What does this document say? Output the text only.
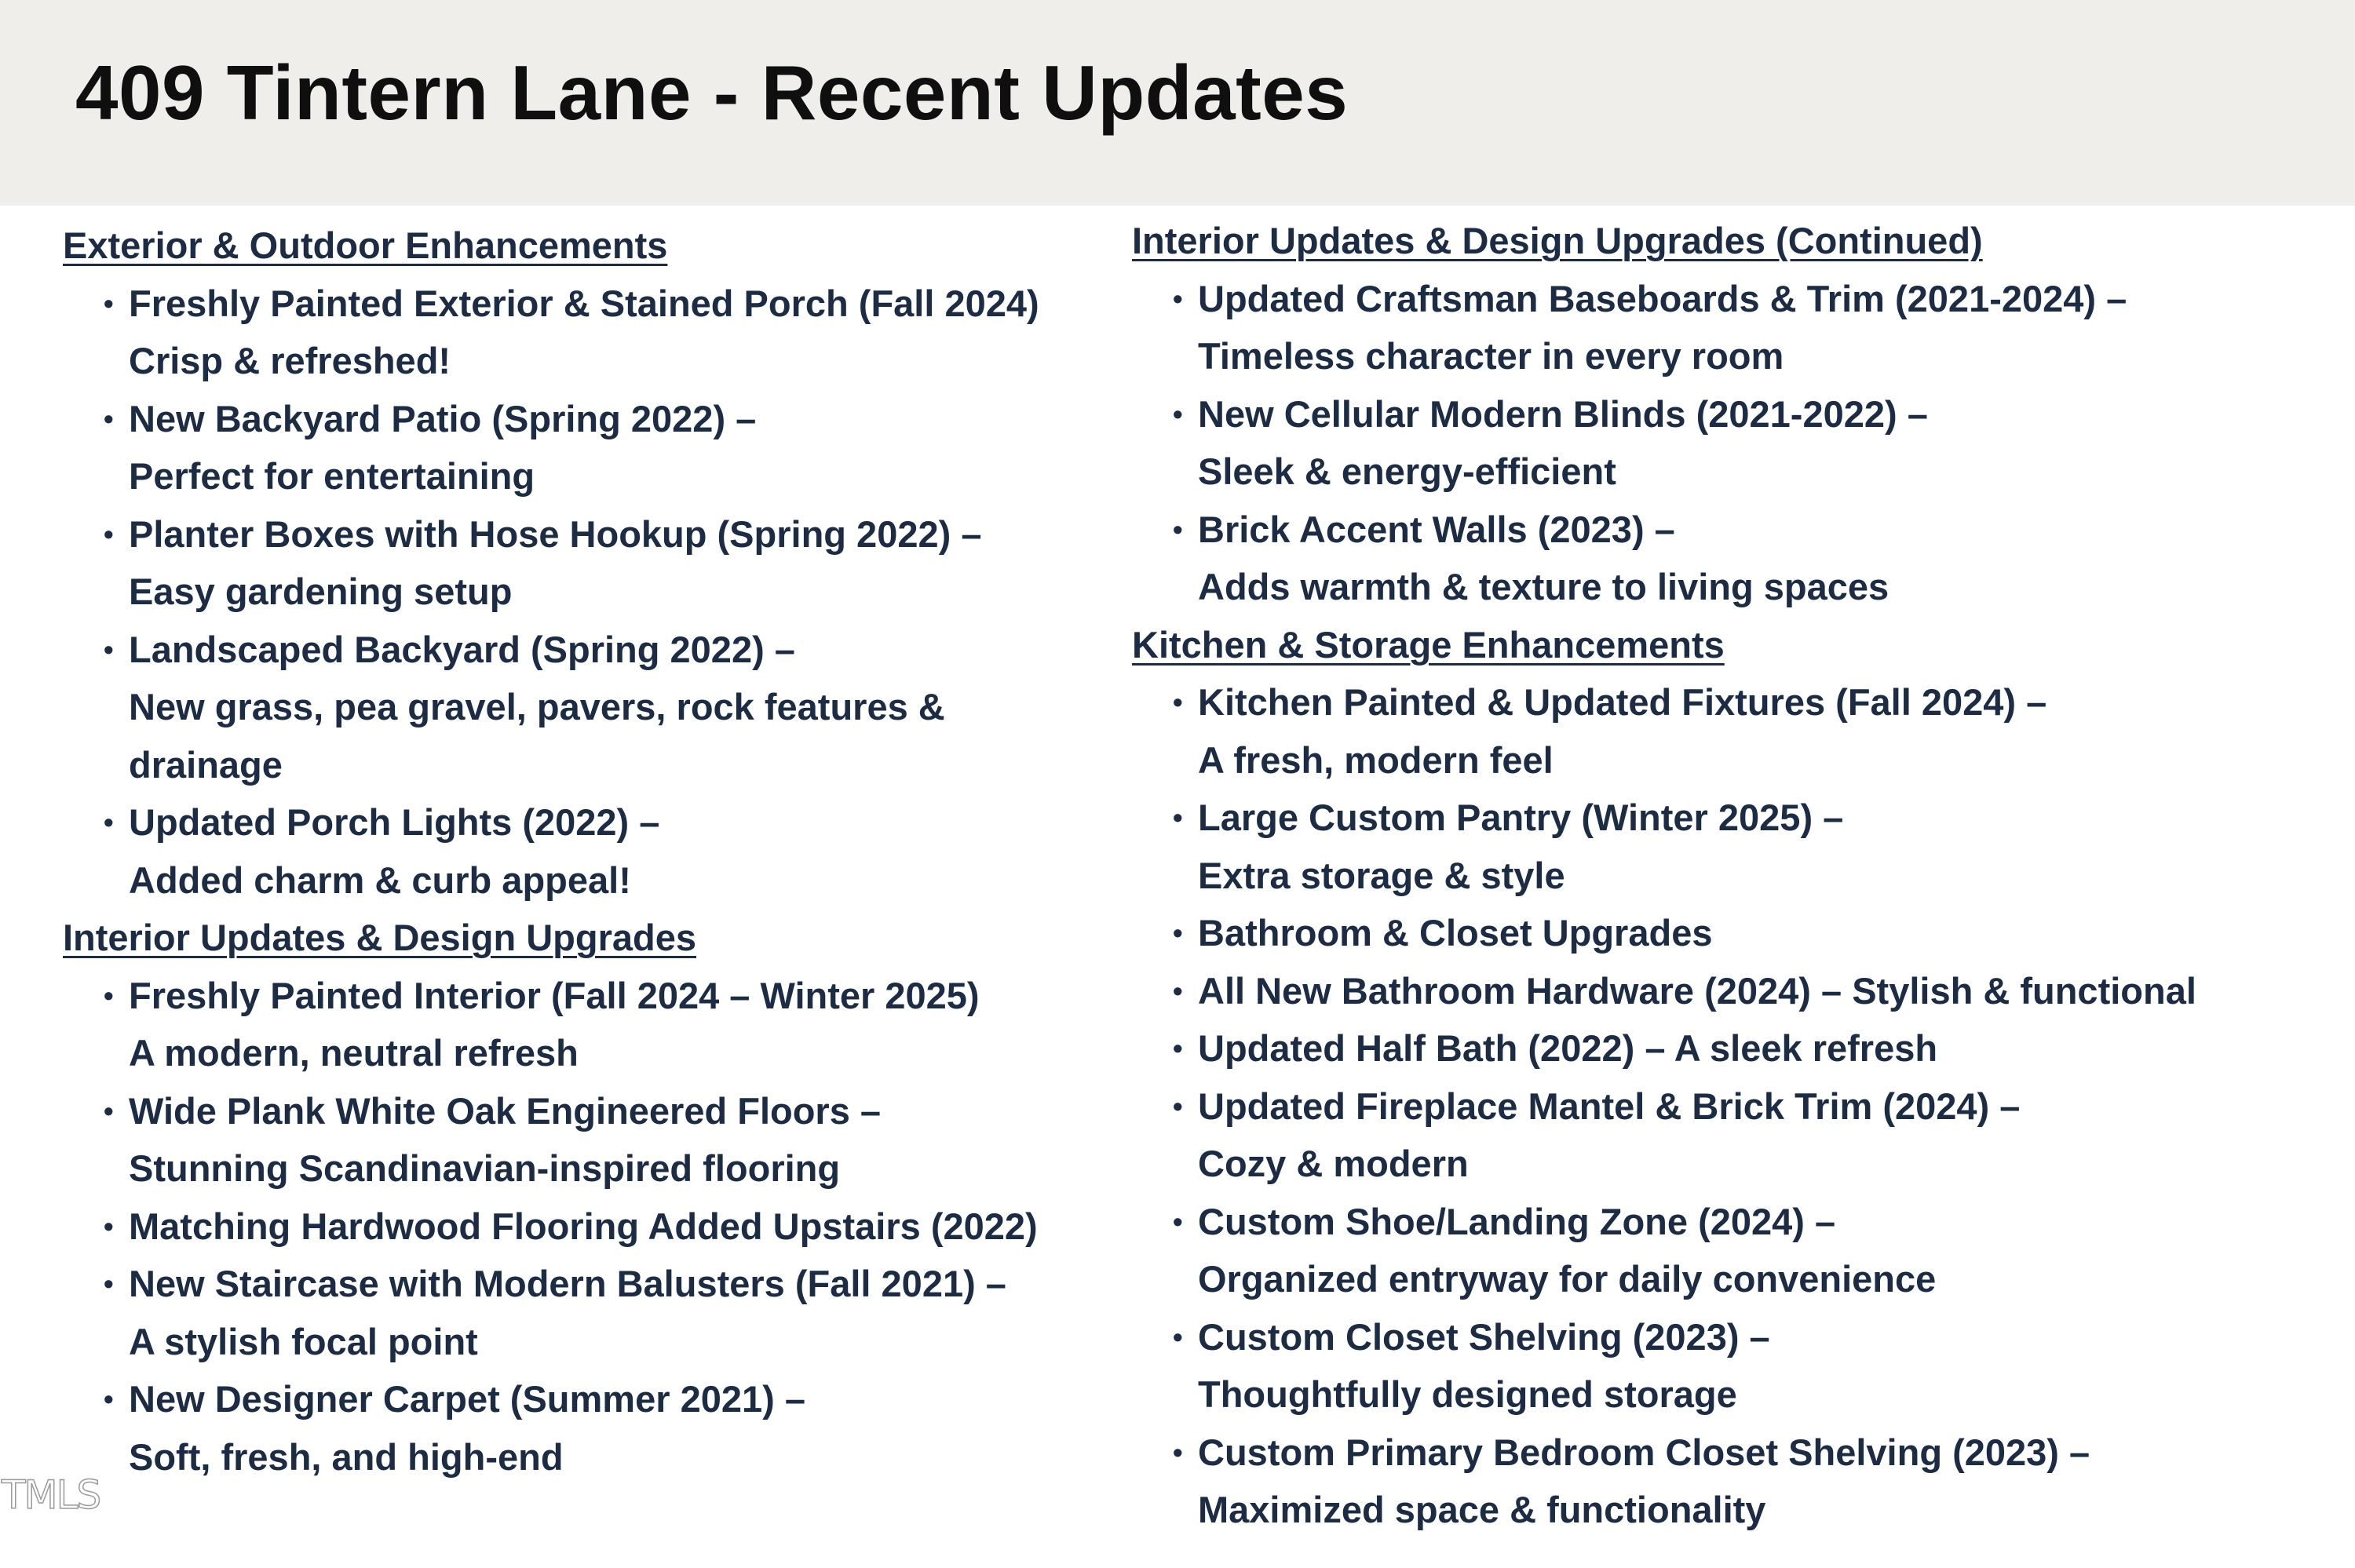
409 Tintern Lane - Recent Updates
Exterior & Outdoor Enhancements
• Freshly Painted Exterior & Stained Porch (Fall 2024)
Crisp & refreshed!
• New Backyard Patio (Spring 2022) –
Perfect for entertaining
• Planter Boxes with Hose Hookup (Spring 2022) –
Easy gardening setup
• Landscaped Backyard (Spring 2022) –
New grass, pea gravel, pavers, rock features &
drainage
• Updated Porch Lights (2022) –
Added charm & curb appeal!
Interior Updates & Design Upgrades
• Freshly Painted Interior (Fall 2024 – Winter 2025)
A modern, neutral refresh
• Wide Plank White Oak Engineered Floors –
Stunning Scandinavian-inspired flooring
• Matching Hardwood Flooring Added Upstairs (2022)
• New Staircase with Modern Balusters (Fall 2021) –
A stylish focal point
• New Designer Carpet (Summer 2021) –
Soft, fresh, and high-end
Interior Updates & Design Upgrades (Continued)
• Updated Craftsman Baseboards & Trim (2021-2024) –
Timeless character in every room
• New Cellular Modern Blinds (2021-2022) –
Sleek & energy-efficient
• Brick Accent Walls (2023) –
Adds warmth & texture to living spaces
Kitchen & Storage Enhancements
• Kitchen Painted & Updated Fixtures (Fall 2024) –
A fresh, modern feel
• Large Custom Pantry (Winter 2025) –
Extra storage & style
• Bathroom & Closet Upgrades
• All New Bathroom Hardware (2024) – Stylish & functional
• Updated Half Bath (2022) – A sleek refresh
• Updated Fireplace Mantel & Brick Trim (2024) –
Cozy & modern
• Custom Shoe/Landing Zone (2024) –
Organized entryway for daily convenience
• Custom Closet Shelving (2023) –
Thoughtfully designed storage
• Custom Primary Bedroom Closet Shelving (2023) –
Maximized space & functionality
TMLS
